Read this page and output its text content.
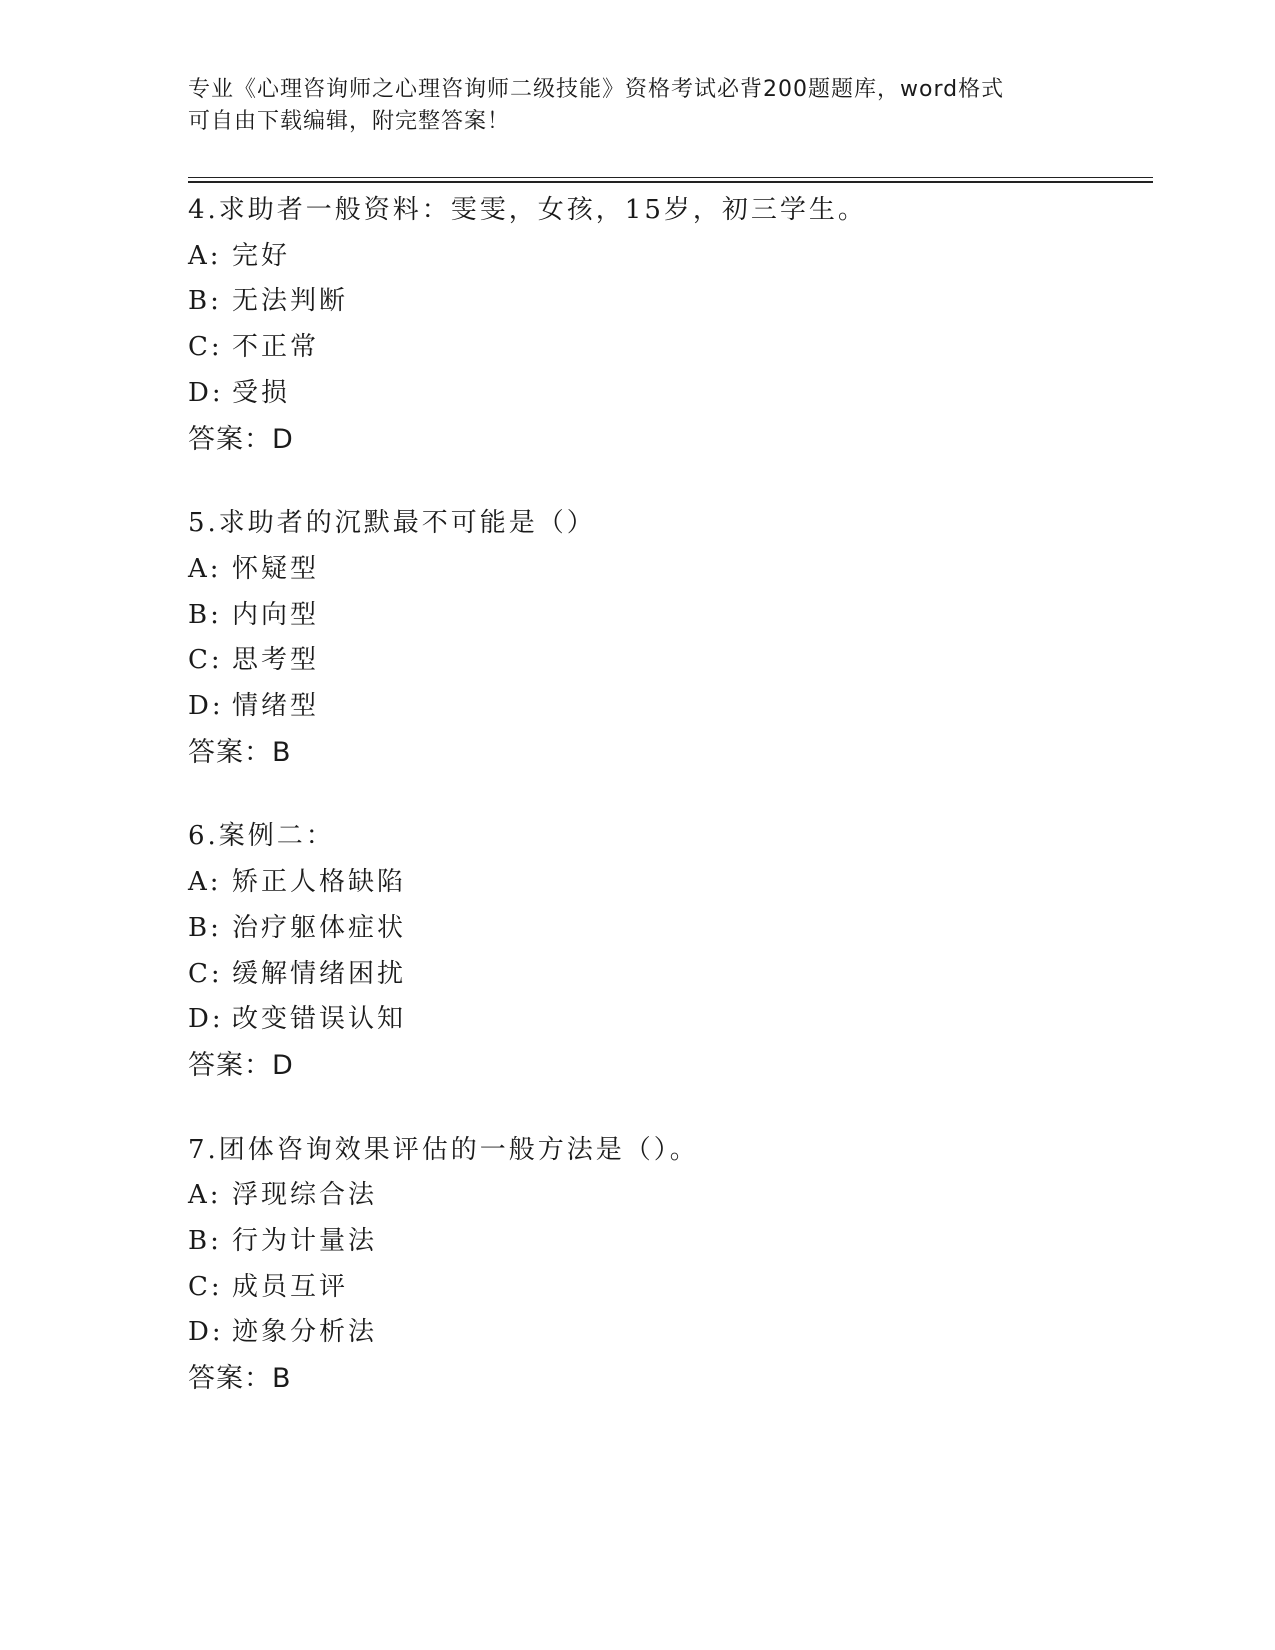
专业《心理咨询师之心理咨询师二级技能》资格考试必背200题题库，word格式
可自由下载编辑，附完整答案！
4.求助者一般资料：雯雯，女孩，15岁，初三学生。
A: 完好
B: 无法判断
C: 不正常
D: 受损
答案：D
5.求助者的沉默最不可能是（）
A: 怀疑型
B: 内向型
C: 思考型
D: 情绪型
答案：B
6.案例二：
A: 矫正人格缺陷
B: 治疗躯体症状
C: 缓解情绪困扰
D: 改变错误认知
答案：D
7.团体咨询效果评估的一般方法是（）。
A: 浮现综合法
B: 行为计量法
C: 成员互评
D: 迹象分析法
答案：B
